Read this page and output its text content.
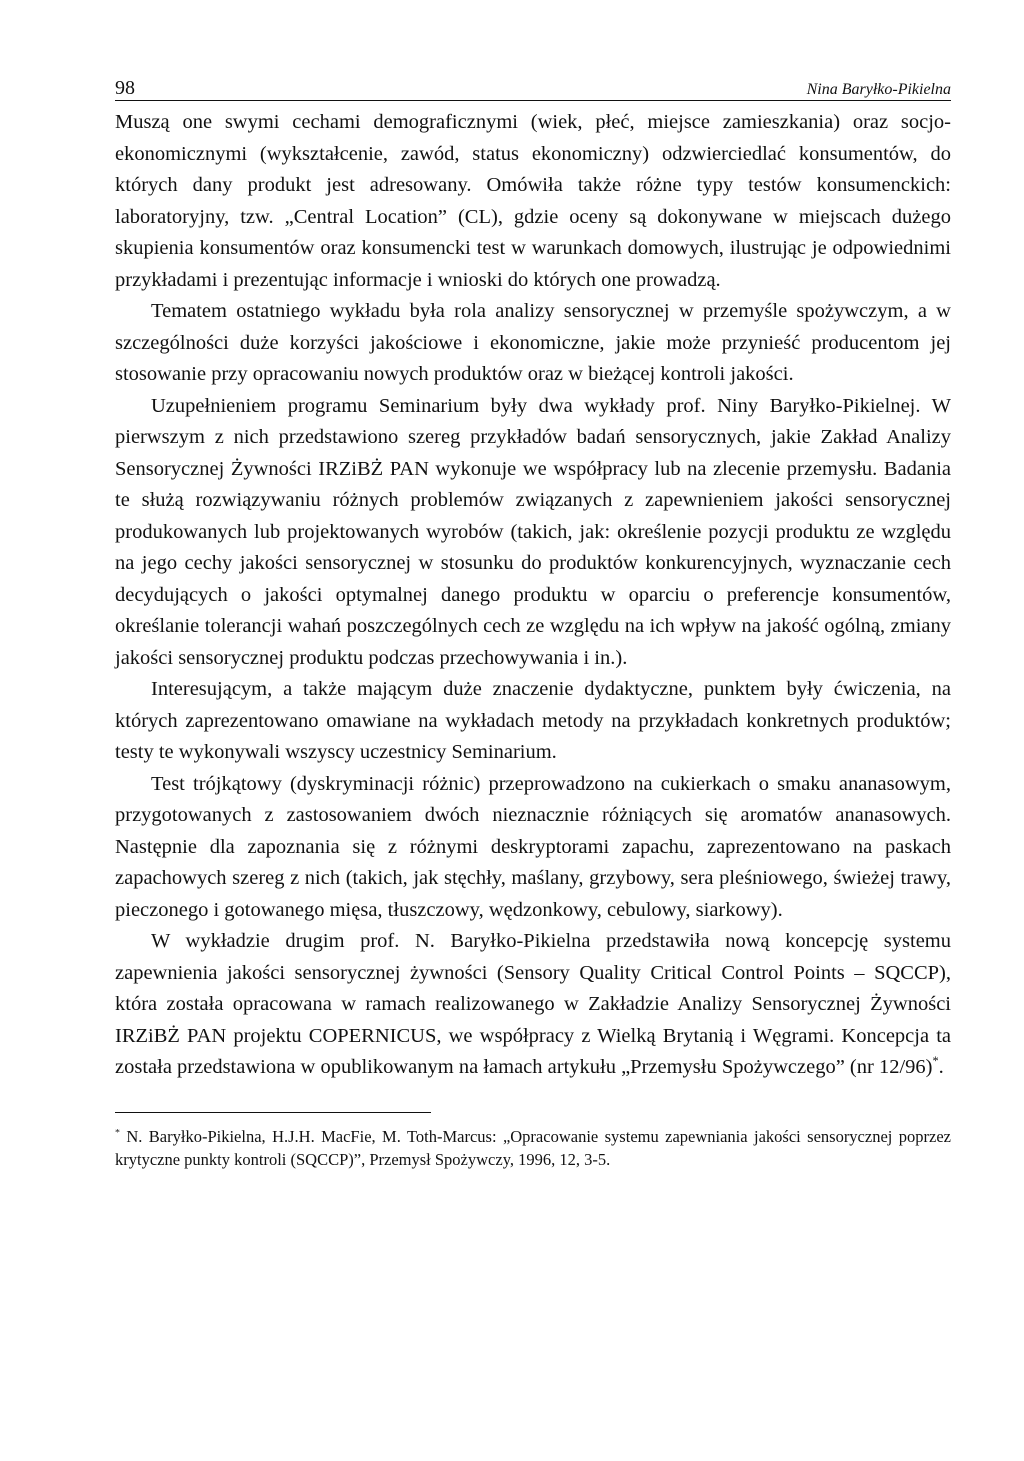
98	Nina Baryłko-Pikielna

Muszą one swymi cechami demograficznymi (wiek, płeć, miejsce zamieszkania) oraz socjo-ekonomicznymi (wykształcenie, zawód, status ekonomiczny) odzwierciedlać konsumentów, do których dany produkt jest adresowany. Omówiła także różne typy testów konsumenckich: laboratoryjny, tzw. „Central Location” (CL), gdzie oceny są dokonywane w miejscach dużego skupienia konsumentów oraz konsumencki test w warunkach domowych, ilustrując je odpowiednimi przykładami i prezentując informacje i wnioski do których one prowadzą.

Tematem ostatniego wykładu była rola analizy sensorycznej w przemyśle spożywczym, a w szczególności duże korzyści jakościowe i ekonomiczne, jakie może przynieść producentom jej stosowanie przy opracowaniu nowych produktów oraz w bieżącej kontroli jakości.

Uzupełnieniem programu Seminarium były dwa wykłady prof. Niny Baryłko-Pikielnej. W pierwszym z nich przedstawiono szereg przykładów badań sensorycznych, jakie Zakład Analizy Sensorycznej Żywności IRZiBŻ PAN wykonuje we współpracy lub na zlecenie przemysłu. Badania te służą rozwiązywaniu różnych problemów związanych z zapewnieniem jakości sensorycznej produkowanych lub projektowanych wyrobów (takich, jak: określenie pozycji produktu ze względu na jego cechy jakości sensorycznej w stosunku do produktów konkurencyjnych, wyznaczanie cech decydujących o jakości optymalnej danego produktu w oparciu o preferencje konsumentów, określanie tolerancji wahań poszczególnych cech ze względu na ich wpływ na jakość ogólną, zmiany jakości sensorycznej produktu podczas przechowywania i in.).

Interesującym, a także mającym duże znaczenie dydaktyczne, punktem były ćwiczenia, na których zaprezentowano omawiane na wykładach metody na przykładach konkretnych produktów; testy te wykonywali wszyscy uczestnicy Seminarium.

Test trójkątowy (dyskryminacji różnic) przeprowadzono na cukierkach o smaku ananasowym, przygotowanych z zastosowaniem dwóch nieznacznie różniących się aromatów ananasowych. Następnie dla zapoznania się z różnymi deskryptorami zapachu, zaprezentowano na paskach zapachowych szereg z nich (takich, jak stęchły, maślany, grzybowy, sera pleśniowego, świeżej trawy, pieczonego i gotowanego mięsa, tłuszczowy, wędzonkowy, cebulowy, siarkowy).

W wykładzie drugim prof. N. Baryłko-Pikielna przedstawiła nową koncepcję systemu zapewnienia jakości sensorycznej żywności (Sensory Quality Critical Control Points – SQCCP), która została opracowana w ramach realizowanego w Zakładzie Analizy Sensorycznej Żywności IRZiBŻ PAN projektu COPERNICUS, we współpracy z Wielką Brytanią i Węgrami. Koncepcja ta została przedstawiona w opublikowanym na łamach artykułu „Przemysłu Spożywczego” (nr 12/96)*.

* N. Baryłko-Pikielna, H.J.H. MacFie, M. Toth-Marcus: „Opracowanie systemu zapewniania jakości sensorycznej poprzez krytyczne punkty kontroli (SQCCP)”, Przemysł Spożywczy, 1996, 12, 3-5.
